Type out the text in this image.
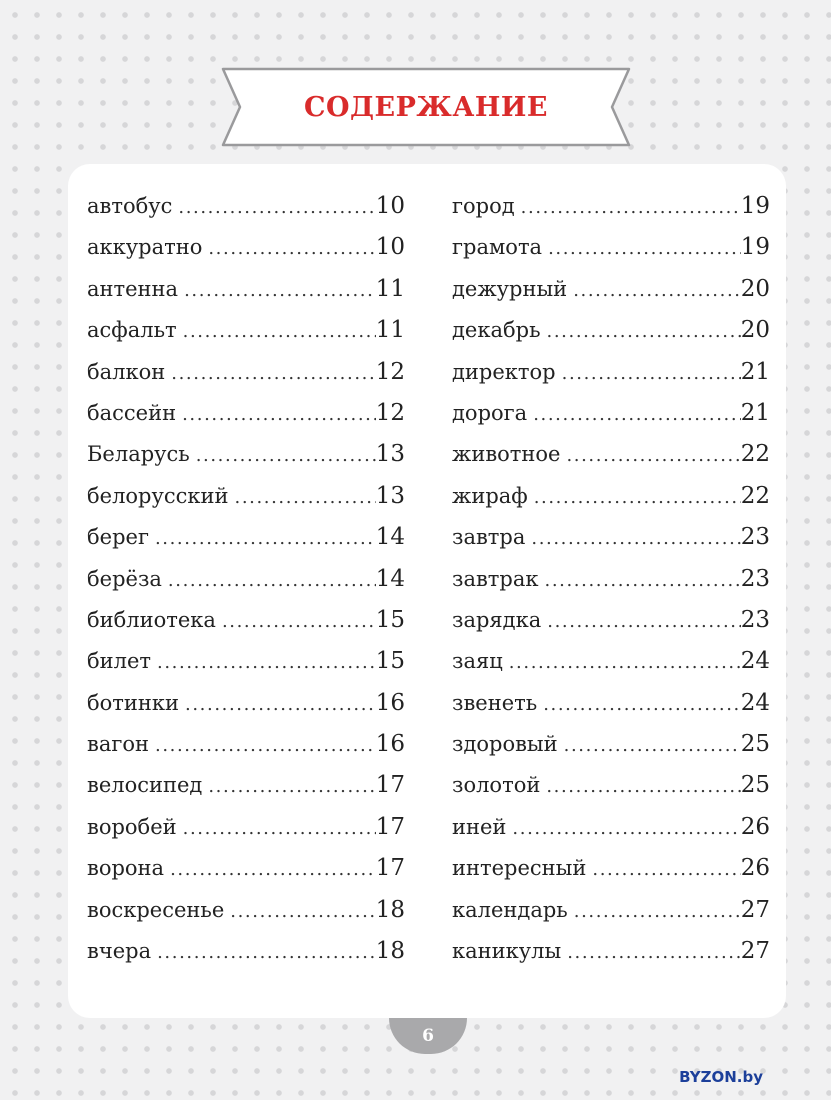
СОДЕРЖАНИЕ
автобус .....	10
аккуратно .....	10
антенна .....	11
асфальт .....	11
балкон .....	12
бассейн .....	12
Беларусь .....	13
белорусский .....	13
берег .....	14
берёза .....	14
библиотека .....	15
билет .....	15
ботинки .....	16
вагон .....	16
велосипед .....	17
воробей .....	17
ворона .....	17
воскресенье .....	18
вчера .....	18
город .....	19
грамота .....	19
дежурный .....	20
декабрь .....	20
директор .....	21
дорога .....	21
животное .....	22
жираф .....	22
завтра .....	23
завтрак .....	23
зарядка .....	23
заяц .....	24
звенеть .....	24
здоровый .....	25
золотой .....	25
иней .....	26
интересный .....	26
календарь .....	27
каникулы .....	27
6
BYZON.by
